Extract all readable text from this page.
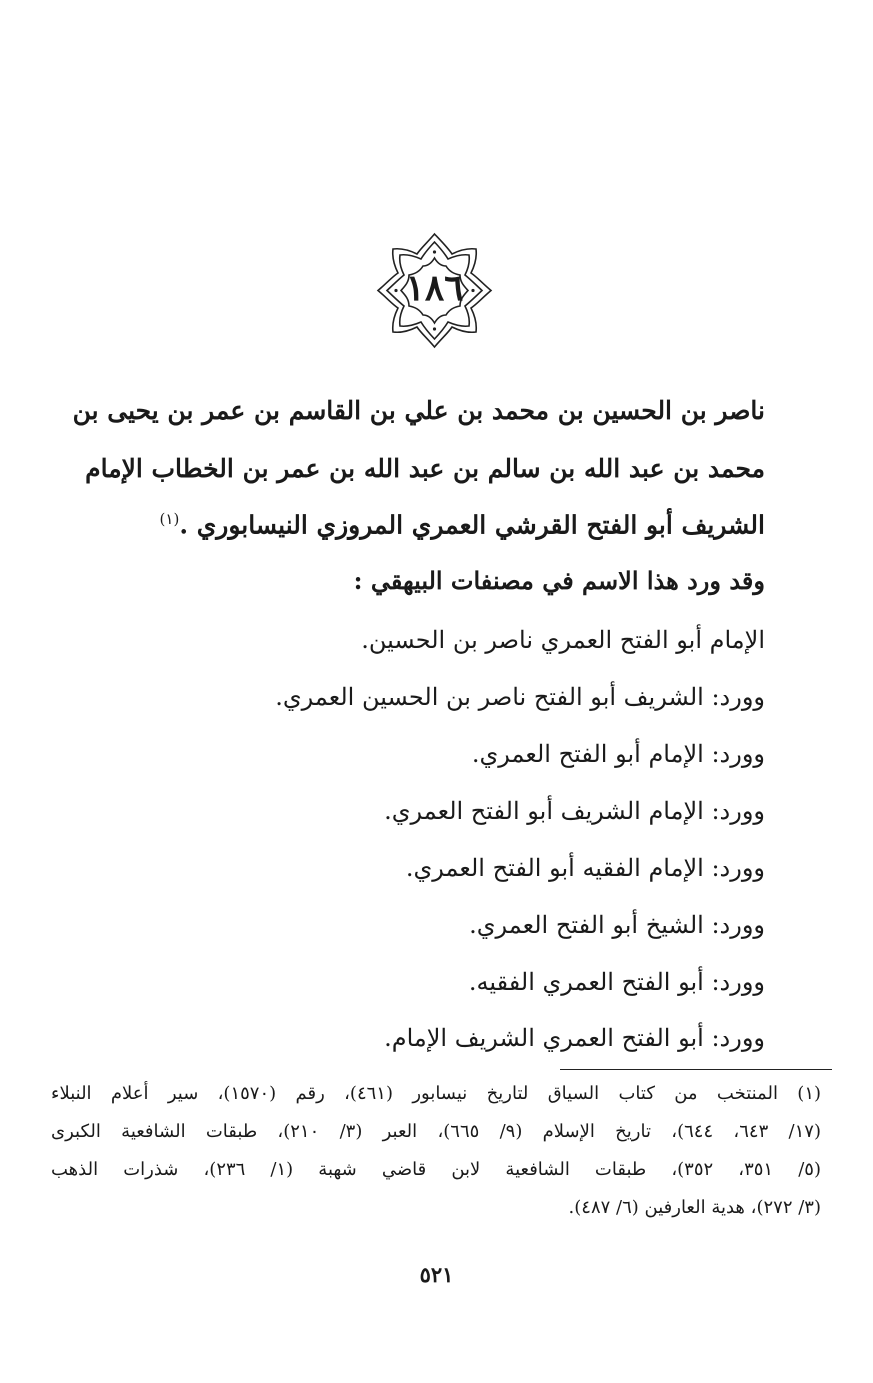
١٨٦
ناصر بن الحسين بن محمد بن علي بن القاسم بن عمر بن يحيى بن
محمد بن عبد الله بن سالم بن عبد الله بن عمر بن الخطاب الإمام
الشريف أبو الفتح القرشي العمري المروزي النيسابوري .$^{(١)}$
وقد ورد هذا الاسم في مصنفات البيهقي :
الإمام أبو الفتح العمري ناصر بن الحسين.
وورد: الشريف أبو الفتح ناصر بن الحسين العمري.
وورد: الإمام أبو الفتح العمري.
وورد: الإمام الشريف أبو الفتح العمري.
وورد: الإمام الفقيه أبو الفتح العمري.
وورد: الشيخ أبو الفتح العمري.
وورد: أبو الفتح العمري الفقيه.
وورد: أبو الفتح العمري الشريف الإمام.
(١) المنتخب من كتاب السياق لتاريخ نيسابور (٤٦١)، رقم (١٥٧٠)، سير أعلام النبلاء
(١٧/ ٦٤٣، ٦٤٤)، تاريخ الإسلام (٩/ ٦٦٥)، العبر (٣/ ٢١٠)، طبقات الشافعية الكبرى
(٥/ ٣٥١، ٣٥٢)، طبقات الشافعية لابن قاضي شهبة (١/ ٢٣٦)، شذرات الذهب
(٣/ ٢٧٢)، هدية العارفين (٦/ ٤٨٧).
٥٢١
